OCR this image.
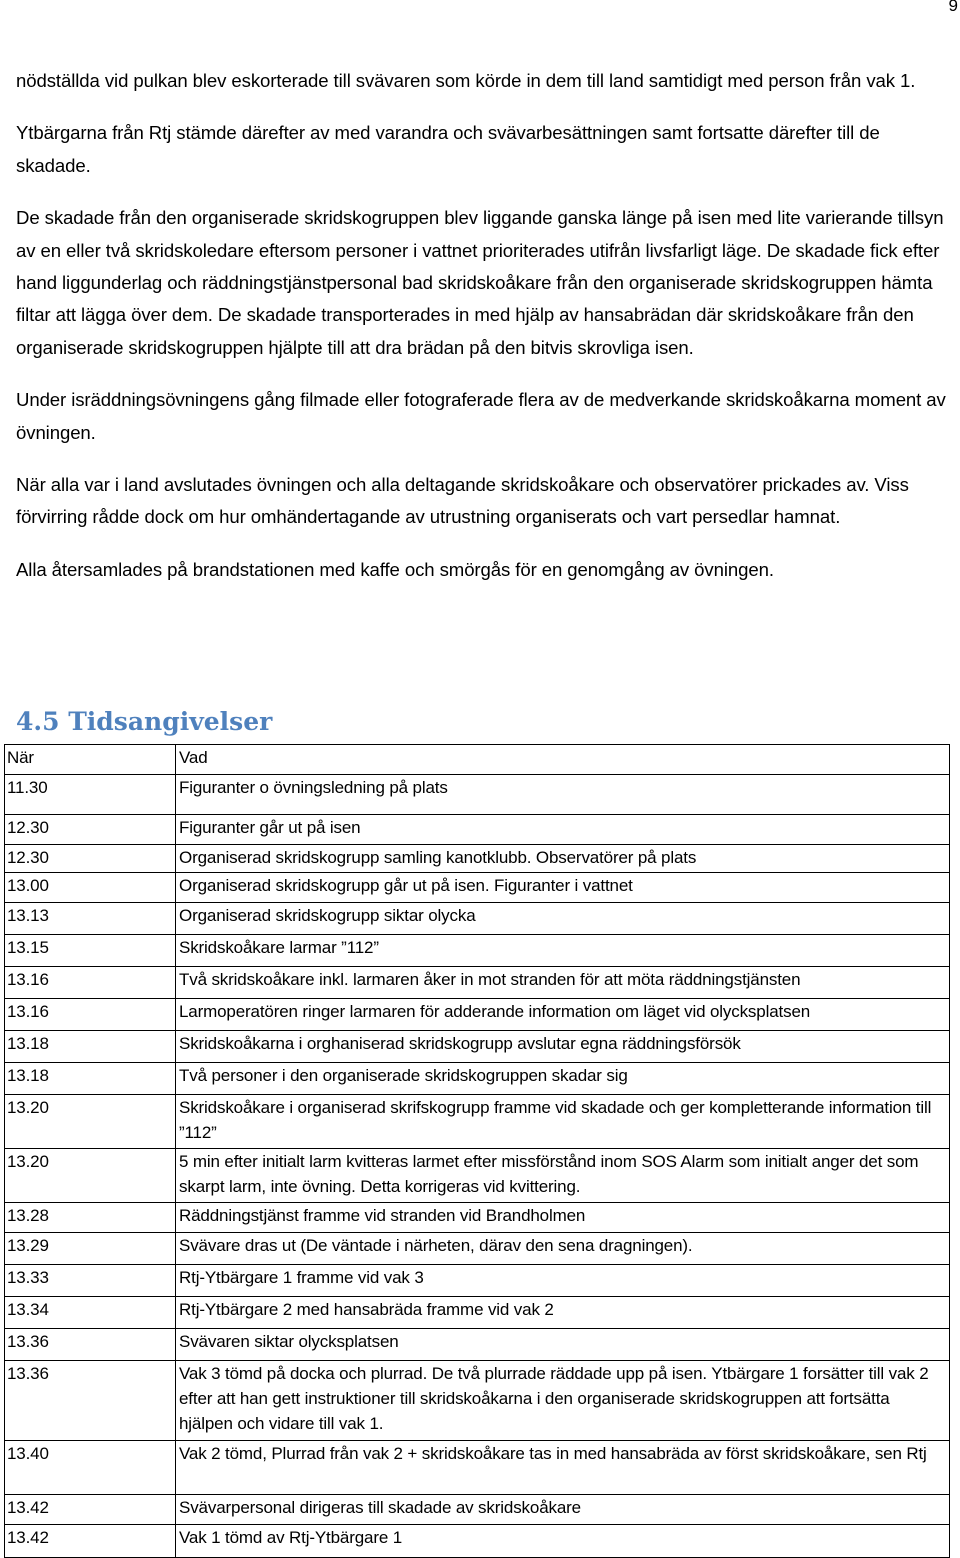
9

nödställda vid pulkan blev eskorterade till svävaren som körde in dem till land samtidigt med person från vak 1.

Ytbärgarna från Rtj stämde därefter av med varandra och svävarbesättningen samt fortsatte därefter till de skadade.

De skadade från den organiserade skridskogruppen blev liggande ganska länge på isen med lite varierande tillsyn av en eller två skridskoledare eftersom personer i vattnet prioriterades utifrån livsfarligt läge. De skadade fick efter hand liggunderlag och räddningstjänstpersonal bad skridskoåkare från den organiserade skridskogruppen hämta filtar att lägga över dem. De skadade transporterades in med hjälp av hansabrädan där skridskoåkare från den organiserade skridskogruppen hjälpte till att dra brädan på den bitvis skrovliga isen.

Under isräddningsövningens gång filmade eller fotograferade flera av de medverkande skridskoåkarna moment av övningen.

När alla var i land avslutades övningen och alla deltagande skridskoåkare och observatörer prickades av. Viss förvirring rådde dock om hur omhändertagande av utrustning organiserats och vart persedlar hamnat.

Alla återsamlades på brandstationen med kaffe och smörgås för en genomgång av övningen.

4.5 Tidsangivelser
När	Vad
11.30	Figuranter o övningsledning på plats
12.30	Figuranter går ut på isen
12.30	Organiserad skridskogrupp samling kanotklubb. Observatörer på plats
13.00	Organiserad skridskogrupp går ut på isen. Figuranter i vattnet
13.13	Organiserad skridskogrupp siktar olycka
13.15	Skridskoåkare larmar ”112”
13.16	Två skridskoåkare inkl. larmaren åker in mot stranden för att möta räddningstjänsten
13.16	Larmoperatören ringer larmaren för adderande information om läget vid olycksplatsen
13.18	Skridskoåkarna i orghaniserad skridskogrupp avslutar egna räddningsförsök
13.18	Två personer i den organiserade skridskogruppen skadar sig
13.20	Skridskoåkare i organiserad skrifskogrupp framme vid skadade och ger kompletterande information till ”112”
13.20	5 min efter initialt larm kvitteras larmet efter missförstånd inom SOS Alarm som initialt anger det som skarpt larm, inte övning. Detta korrigeras vid kvittering.
13.28	Räddningstjänst framme vid stranden vid Brandholmen
13.29	Svävare dras ut (De väntade i närheten, därav den sena dragningen).
13.33	Rtj-Ytbärgare 1 framme vid vak 3
13.34	Rtj-Ytbärgare 2 med hansabräda framme vid vak 2
13.36	Svävaren siktar olycksplatsen
13.36	Vak 3 tömd på docka och plurrad. De två plurrade räddade upp på isen. Ytbärgare 1 forsätter till vak 2 efter att han gett instruktioner till skridskoåkarna i den organiserade skridskogruppen att fortsätta hjälpen och vidare till vak 1.
13.40	Vak 2 tömd, Plurrad från vak 2 + skridskoåkare tas in med hansabräda av först skridskoåkare, sen Rtj
13.42	Svävarpersonal dirigeras till skadade av skridskoåkare
13.42	Vak 1 tömd av Rtj-Ytbärgare 1
